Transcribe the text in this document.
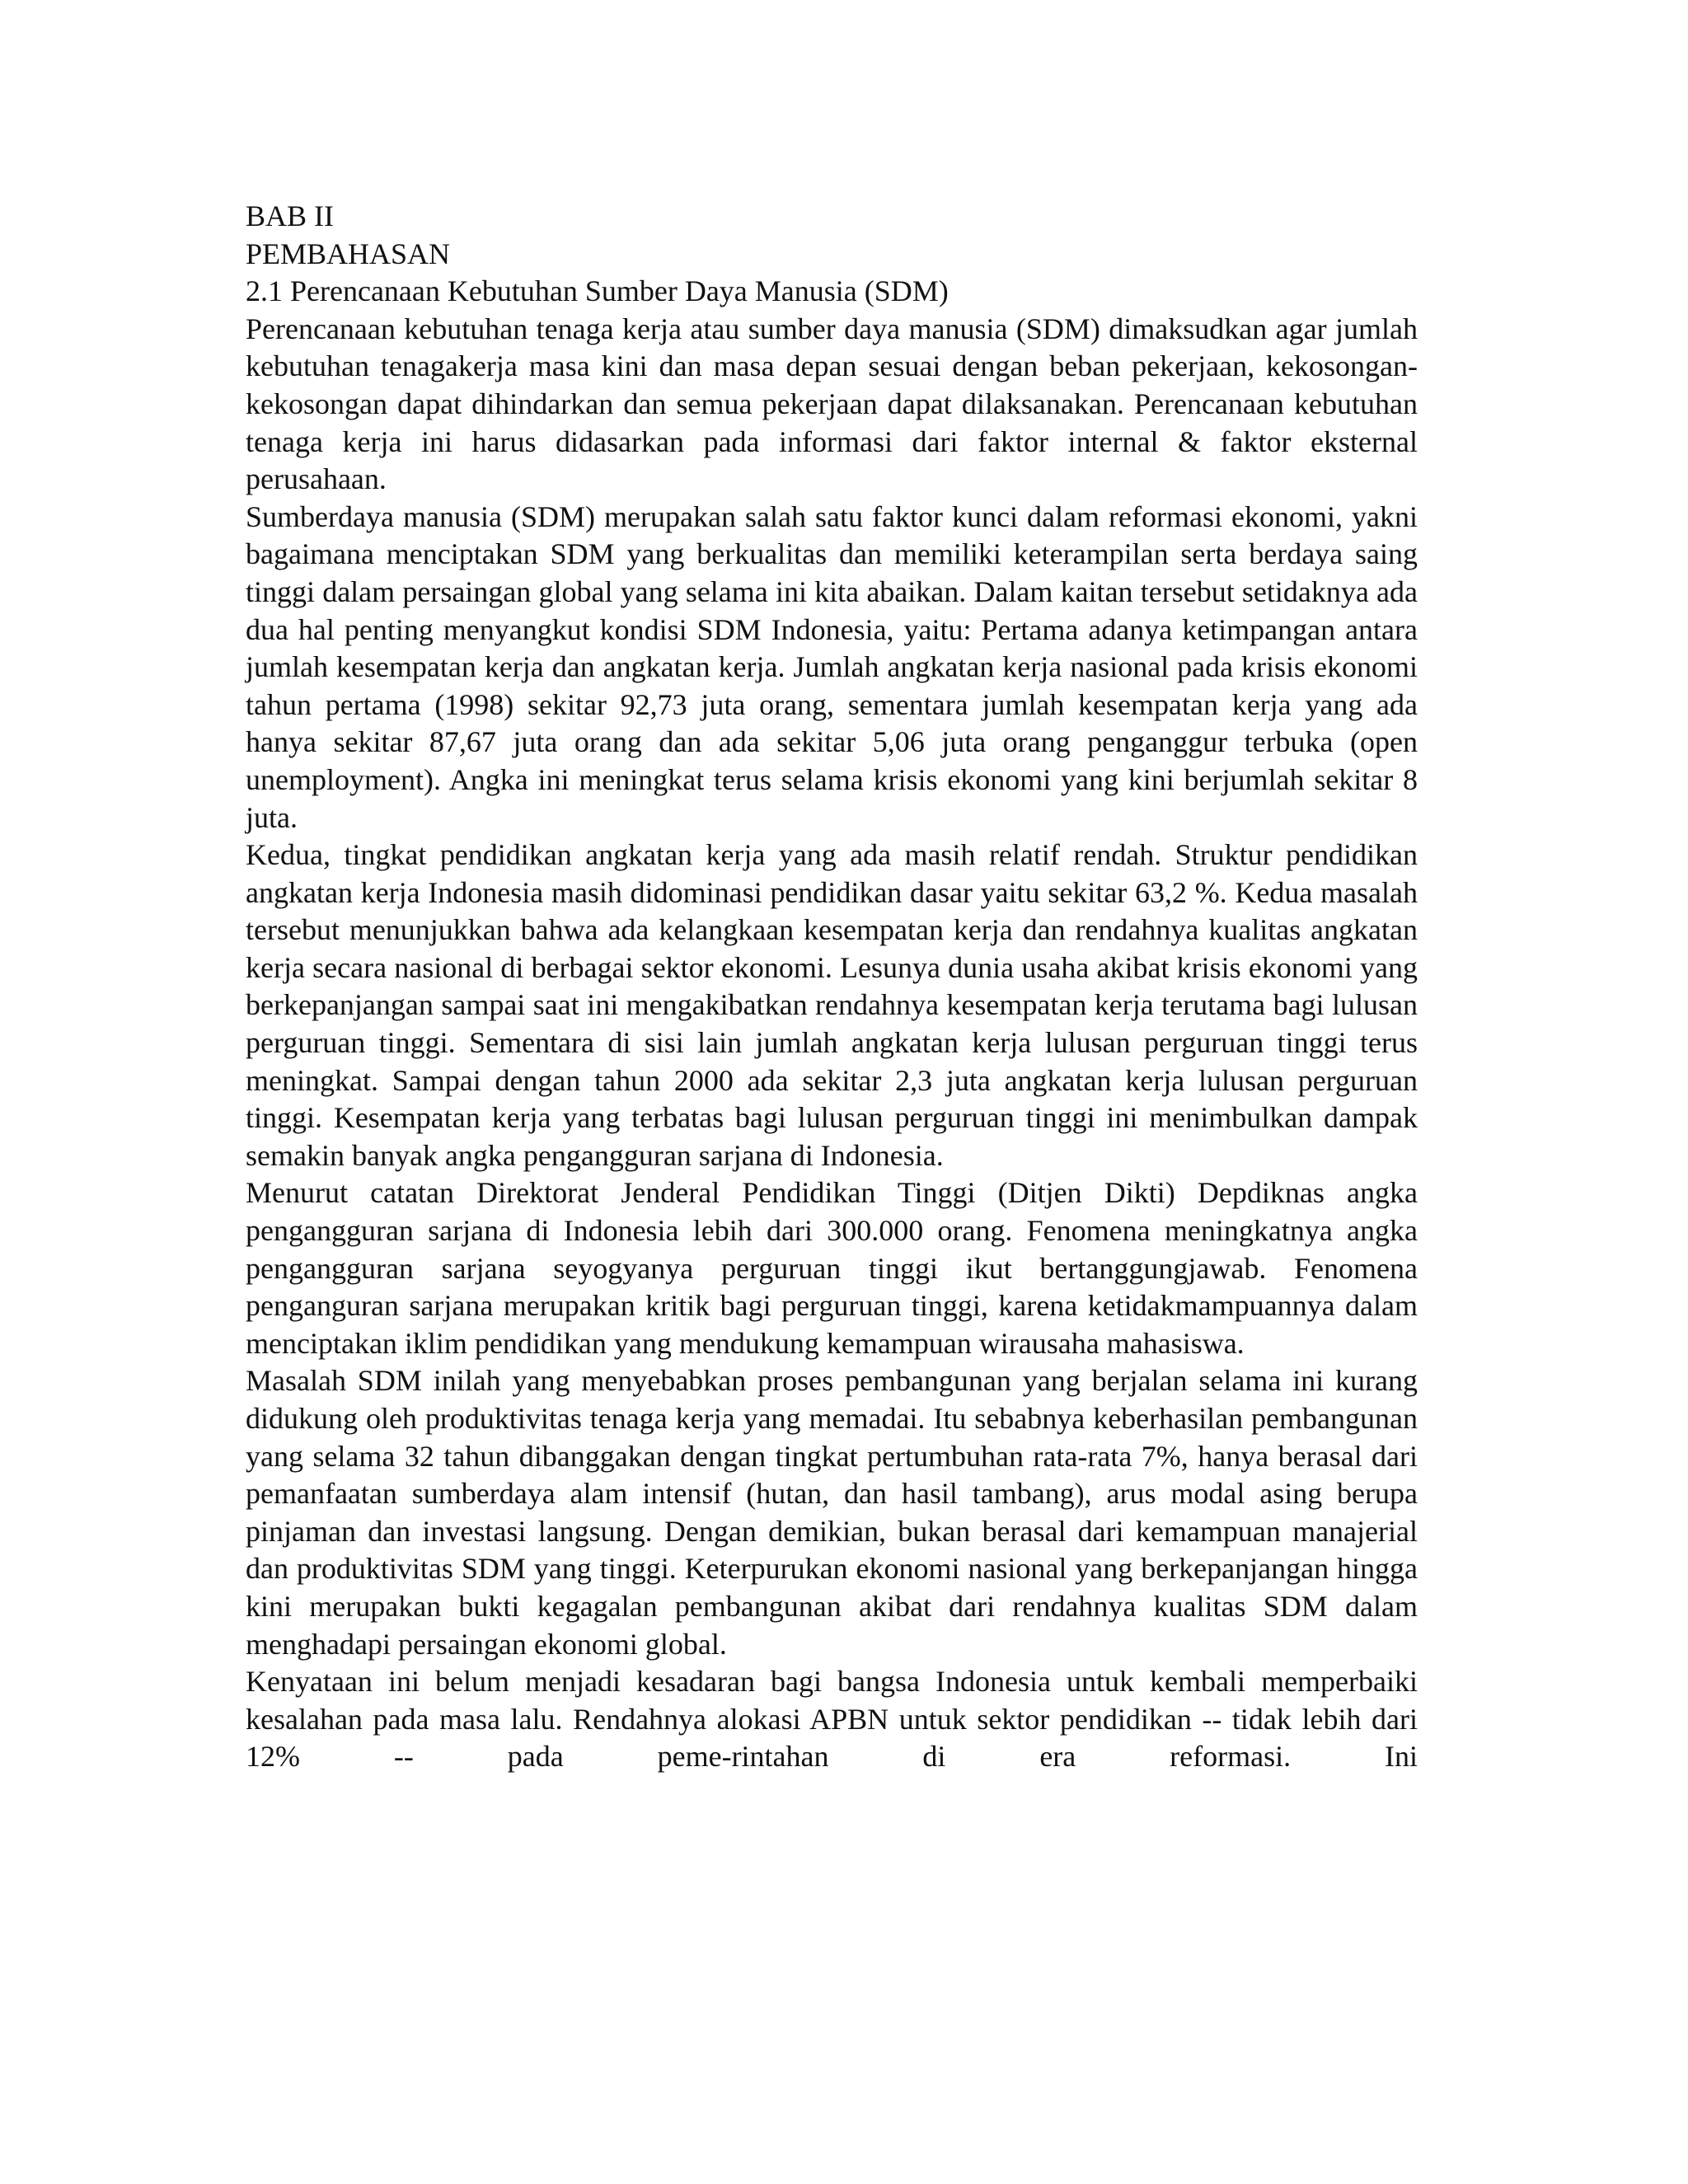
BAB II
PEMBAHASAN
2.1 Perencanaan Kebutuhan Sumber Daya Manusia (SDM)

Perencanaan kebutuhan tenaga kerja atau sumber daya manusia (SDM) dimaksudkan agar jumlah kebutuhan tenagakerja masa kini dan masa depan sesuai dengan beban pekerjaan, kekosongan-kekosongan dapat dihindarkan dan semua pekerjaan dapat dilaksanakan. Perencanaan kebutuhan tenaga kerja ini harus didasarkan pada informasi dari faktor internal & faktor eksternal perusahaan.

Sumberdaya manusia (SDM) merupakan salah satu faktor kunci dalam reformasi ekonomi, yakni bagaimana menciptakan SDM yang berkualitas dan memiliki keterampilan serta berdaya saing tinggi dalam persaingan global yang selama ini kita abaikan. Dalam kaitan tersebut setidaknya ada dua hal penting menyangkut kondisi SDM Indonesia, yaitu: Pertama adanya ketimpangan antara jumlah kesempatan kerja dan angkatan kerja. Jumlah angkatan kerja nasional pada krisis ekonomi tahun pertama (1998) sekitar 92,73 juta orang, sementara jumlah kesempatan kerja yang ada hanya sekitar 87,67 juta orang dan ada sekitar 5,06 juta orang penganggur terbuka (open unemployment). Angka ini meningkat terus selama krisis ekonomi yang kini berjumlah sekitar 8 juta.

Kedua, tingkat pendidikan angkatan kerja yang ada masih relatif rendah. Struktur pendidikan angkatan kerja Indonesia masih didominasi pendidikan dasar yaitu sekitar 63,2 %. Kedua masalah tersebut menunjukkan bahwa ada kelangkaan kesempatan kerja dan rendahnya kualitas angkatan kerja secara nasional di berbagai sektor ekonomi. Lesunya dunia usaha akibat krisis ekonomi yang berkepanjangan sampai saat ini mengakibatkan rendahnya kesempatan kerja terutama bagi lulusan perguruan tinggi. Sementara di sisi lain jumlah angkatan kerja lulusan perguruan tinggi terus meningkat. Sampai dengan tahun 2000 ada sekitar 2,3 juta angkatan kerja lulusan perguruan tinggi. Kesempatan kerja yang terbatas bagi lulusan perguruan tinggi ini menimbulkan dampak semakin banyak angka pengangguran sarjana di Indonesia.

Menurut catatan Direktorat Jenderal Pendidikan Tinggi (Ditjen Dikti) Depdiknas angka pengangguran sarjana di Indonesia lebih dari 300.000 orang. Fenomena meningkatnya angka pengangguran sarjana seyogyanya perguruan tinggi ikut bertanggungjawab. Fenomena penganguran sarjana merupakan kritik bagi perguruan tinggi, karena ketidakmampuannya dalam menciptakan iklim pendidikan yang mendukung kemampuan wirausaha mahasiswa.

Masalah SDM inilah yang menyebabkan proses pembangunan yang berjalan selama ini kurang didukung oleh produktivitas tenaga kerja yang memadai. Itu sebabnya keberhasilan pembangunan yang selama 32 tahun dibanggakan dengan tingkat pertumbuhan rata-rata 7%, hanya berasal dari pemanfaatan sumberdaya alam intensif (hutan, dan hasil tambang), arus modal asing berupa pinjaman dan investasi langsung. Dengan demikian, bukan berasal dari kemampuan manajerial dan produktivitas SDM yang tinggi. Keterpurukan ekonomi nasional yang berkepanjangan hingga kini merupakan bukti kegagalan pembangunan akibat dari rendahnya kualitas SDM dalam menghadapi persaingan ekonomi global.

Kenyataan ini belum menjadi kesadaran bagi bangsa Indonesia untuk kembali memperbaiki kesalahan pada masa lalu. Rendahnya alokasi APBN untuk sektor pendidikan -- tidak lebih dari 12% -- pada peme-rintahan di era reformasi. Ini
